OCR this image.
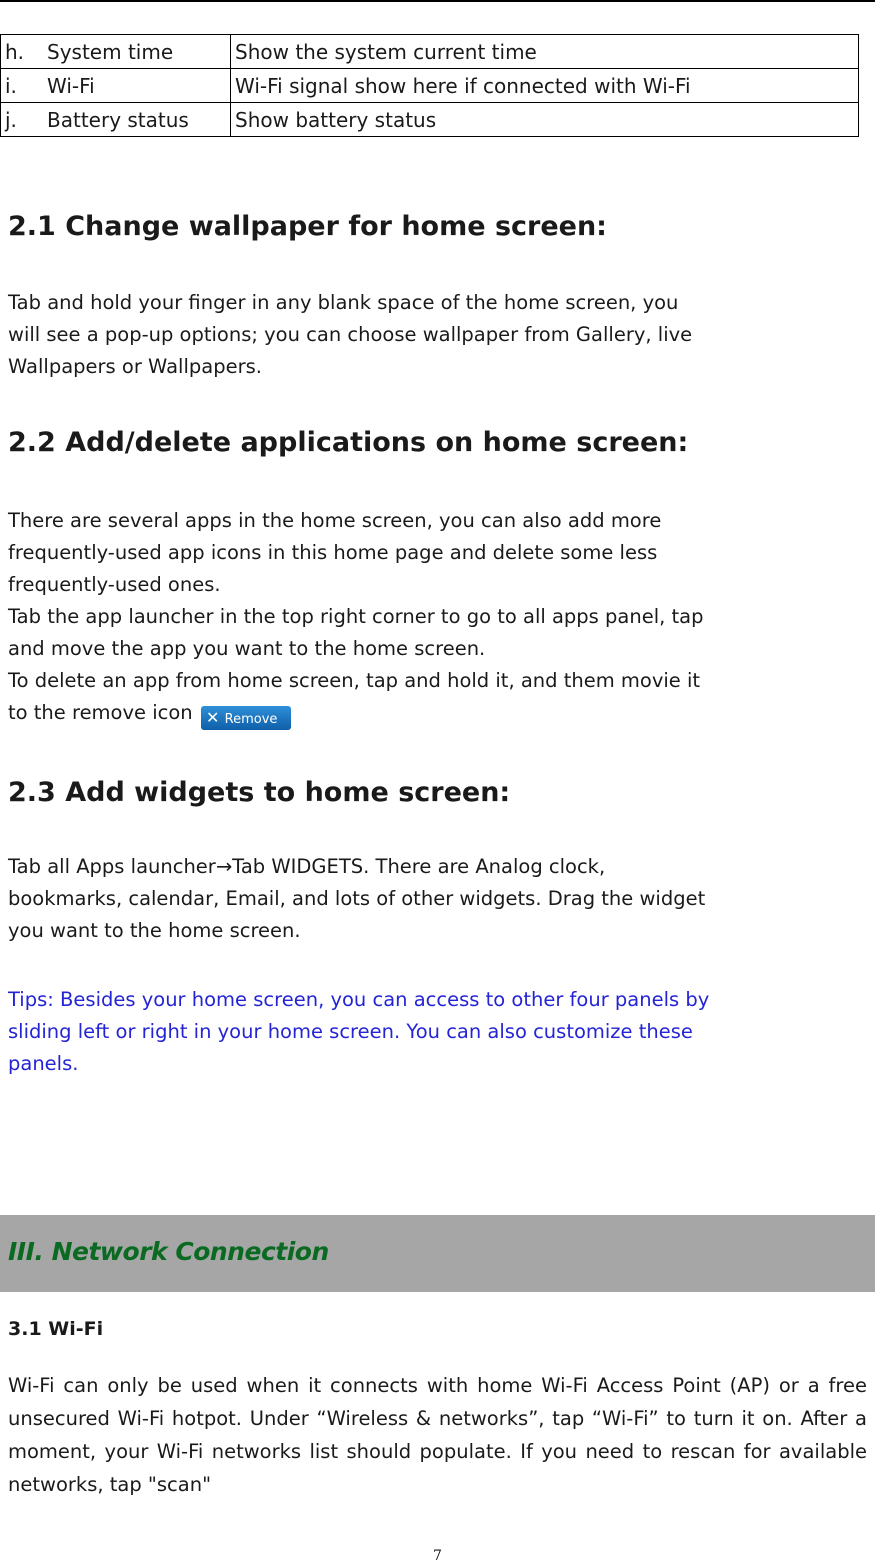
h. System time	Show the system current time
i. Wi-Fi	Wi-Fi signal show here if connected with Wi-Fi
j. Battery status	Show battery status
2.1 Change wallpaper for home screen:

Tab and hold your finger in any blank space of the home screen, you

will see a pop-up options; you can choose wallpaper from Gallery, live

Wallpapers or Wallpapers.

2.2 Add/delete applications on home screen:

There are several apps in the home screen, you can also add more

frequently-used app icons in this home page and delete some less

frequently-used ones.

Tab the app launcher in the top right corner to go to all apps panel, tap

and move the app you want to the home screen.

To delete an app from home screen, tap and hold it, and them movie it

to the remove icon ✕ Remove

2.3 Add widgets to home screen:

Tab all Apps launcher→Tab WIDGETS. There are Analog clock,

bookmarks, calendar, Email, and lots of other widgets. Drag the widget

you want to the home screen.

Tips: Besides your home screen, you can access to other four panels by

sliding left or right in your home screen. You can also customize these

panels.

III. Network Connection
3.1 Wi-Fi
Wi-Fi can only be used when it connects with home Wi-Fi Access Point (AP) or a free unsecured Wi-Fi hotpot. Under “Wireless & networks”, tap “Wi-Fi” to turn it on. After a moment, your Wi-Fi networks list should populate. If you need to rescan for available networks, tap "scan"
7
